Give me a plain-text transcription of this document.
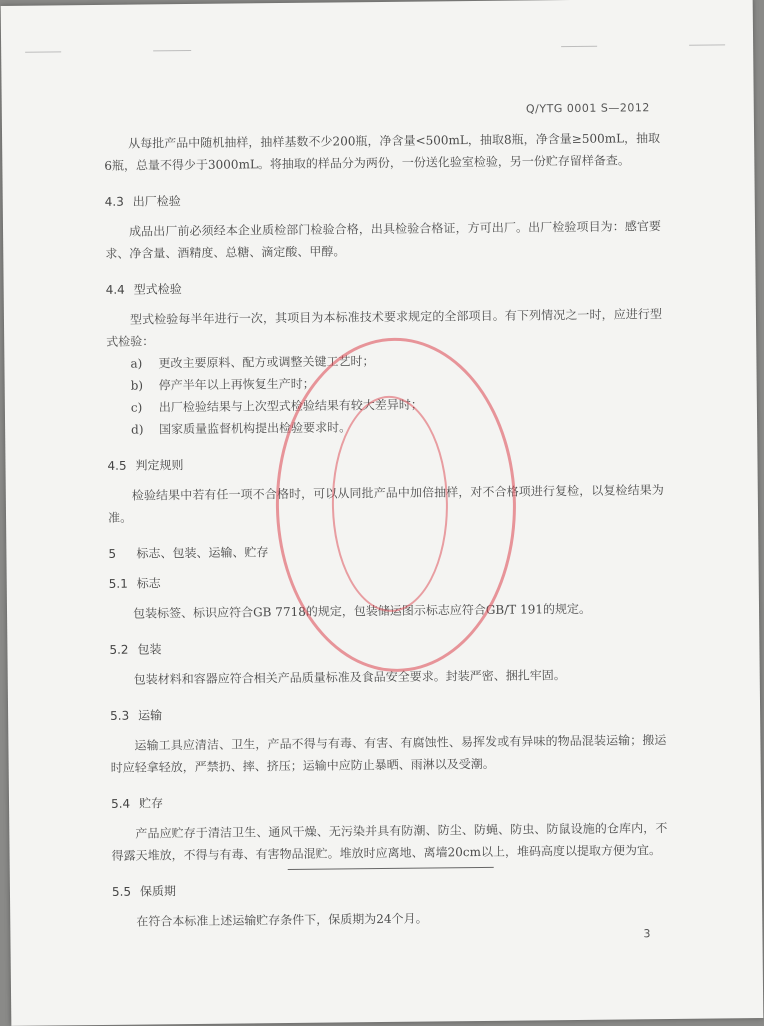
Q/YTG 0001 S—2012

从每批产品中随机抽样，抽样基数不少200瓶，净含量<500mL，抽取8瓶，净含量≥500mL，抽取6瓶，总量不得少于3000mL。将抽取的样品分为两份，一份送化验室检验，另一份贮存留样备查。

4.3 出厂检验

成品出厂前必须经本企业质检部门检验合格，出具检验合格证，方可出厂。出厂检验项目为：感官要求、净含量、酒精度、总糖、滴定酸、甲醇。

4.4 型式检验

型式检验每半年进行一次，其项目为本标准技术要求规定的全部项目。有下列情况之一时，应进行型式检验：

a) 更改主要原料、配方或调整关键工艺时；

b) 停产半年以上再恢复生产时；

c) 出厂检验结果与上次型式检验结果有较大差异时；

d) 国家质量监督机构提出检验要求时。

4.5 判定规则

检验结果中若有任一项不合格时，可以从同批产品中加倍抽样，对不合格项进行复检，以复检结果为准。

5 标志、包装、运输、贮存
5.1 标志

包装标签、标识应符合GB 7718的规定，包装储运图示标志应符合GB/T 191的规定。

5.2 包装

包装材料和容器应符合相关产品质量标准及食品安全要求。封装严密、捆扎牢固。

5.3 运输

运输工具应清洁、卫生，产品不得与有毒、有害、有腐蚀性、易挥发或有异味的物品混装运输；搬运时应轻拿轻放，严禁扔、摔、挤压；运输中应防止暴晒、雨淋以及受潮。

5.4 贮存

产品应贮存于清洁卫生、通风干燥、无污染并具有防潮、防尘、防蝇、防虫、防鼠设施的仓库内，不得露天堆放，不得与有毒、有害物品混贮。堆放时应离地、离墙20cm以上，堆码高度以提取方便为宜。

5.5 保质期

在符合本标准上述运输贮存条件下，保质期为24个月。

3
